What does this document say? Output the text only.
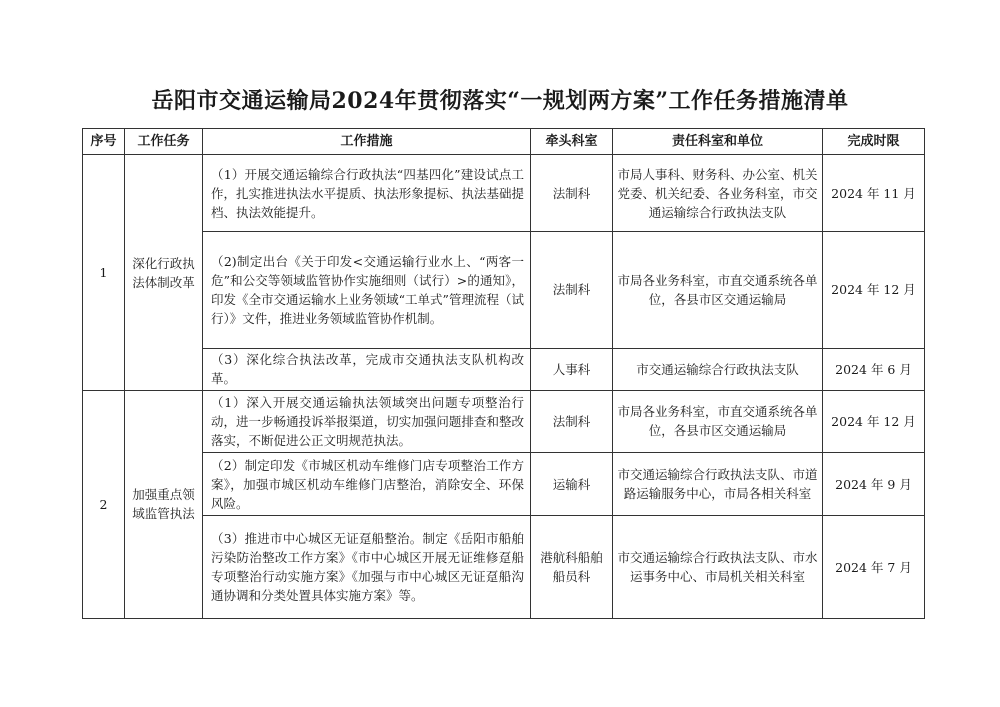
岳阳市交通运输局2024年贯彻落实“一规划两方案”工作任务措施清单
序号	工作任务	工作措施	牵头科室	责任科室和单位	完成时限
1	深化行政执法体制改革	（1）开展交通运输综合行政执法“四基四化”建设试点工作，扎实推进执法水平提质、执法形象提标、执法基础提档、执法效能提升。	法制科	市局人事科、财务科、办公室、机关党委、机关纪委、各业务科室，市交通运输综合行政执法支队	2024 年 11 月
		（2)制定出台《关于印发<交通运输行业水上、“两客一危”和公交等领域监管协作实施细则（试行）>的通知》，印发《全市交通运输水上业务领域“工单式”管理流程（试行）》文件，推进业务领域监管协作机制。	法制科	市局各业务科室，市直交通系统各单位，各县市区交通运输局	2024 年 12 月
		（3）深化综合执法改革，完成市交通执法支队机构改革。	人事科	市交通运输综合行政执法支队	2024 年 6 月
2	加强重点领域监管执法	（1）深入开展交通运输执法领域突出问题专项整治行动，进一步畅通投诉举报渠道，切实加强问题排查和整改落实，不断促进公正文明规范执法。	法制科	市局各业务科室，市直交通系统各单位，各县市区交通运输局	2024 年 12 月
		（2）制定印发《市城区机动车维修门店专项整治工作方案》，加强市城区机动车维修门店整治，消除安全、环保风险。	运输科	市交通运输综合行政执法支队、市道路运输服务中心，市局各相关科室	2024 年 9 月
		（3）推进市中心城区无证趸船整治。制定《岳阳市船舶污染防治整改工作方案》《市中心城区开展无证维修趸船专项整治行动实施方案》《加强与市中心城区无证趸船沟通协调和分类处置具体实施方案》等。	港航科船舶船员科	市交通运输综合行政执法支队、市水运事务中心、市局机关相关科室	2024 年 7 月
